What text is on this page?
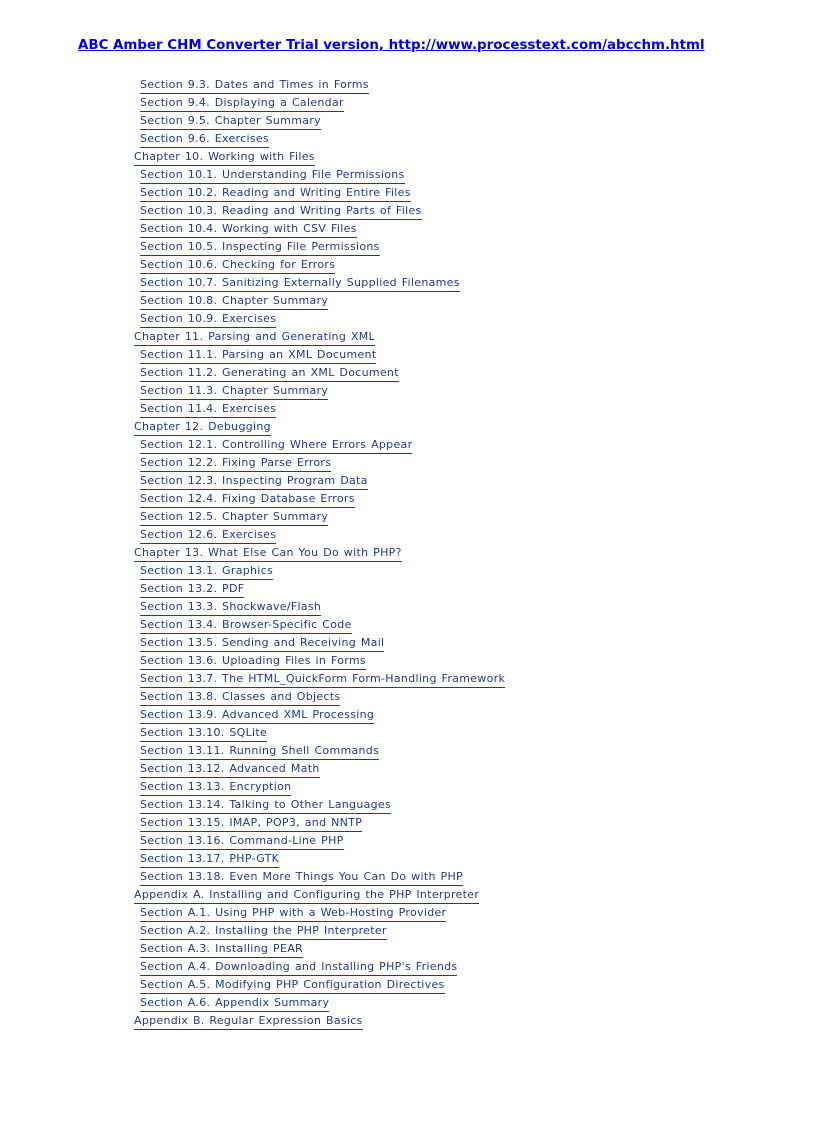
ABC Amber CHM Converter Trial version, http://www.processtext.com/abcchm.html
Section 9.3. Dates and Times in Forms
Section 9.4. Displaying a Calendar
Section 9.5. Chapter Summary
Section 9.6. Exercises
Chapter 10. Working with Files
Section 10.1. Understanding File Permissions
Section 10.2. Reading and Writing Entire Files
Section 10.3. Reading and Writing Parts of Files
Section 10.4. Working with CSV Files
Section 10.5. Inspecting File Permissions
Section 10.6. Checking for Errors
Section 10.7. Sanitizing Externally Supplied Filenames
Section 10.8. Chapter Summary
Section 10.9. Exercises
Chapter 11. Parsing and Generating XML
Section 11.1. Parsing an XML Document
Section 11.2. Generating an XML Document
Section 11.3. Chapter Summary
Section 11.4. Exercises
Chapter 12. Debugging
Section 12.1. Controlling Where Errors Appear
Section 12.2. Fixing Parse Errors
Section 12.3. Inspecting Program Data
Section 12.4. Fixing Database Errors
Section 12.5. Chapter Summary
Section 12.6. Exercises
Chapter 13. What Else Can You Do with PHP?
Section 13.1. Graphics
Section 13.2. PDF
Section 13.3. Shockwave/Flash
Section 13.4. Browser-Specific Code
Section 13.5. Sending and Receiving Mail
Section 13.6. Uploading Files in Forms
Section 13.7. The HTML_QuickForm Form-Handling Framework
Section 13.8. Classes and Objects
Section 13.9. Advanced XML Processing
Section 13.10. SQLite
Section 13.11. Running Shell Commands
Section 13.12. Advanced Math
Section 13.13. Encryption
Section 13.14. Talking to Other Languages
Section 13.15. IMAP, POP3, and NNTP
Section 13.16. Command-Line PHP
Section 13.17. PHP-GTK
Section 13.18. Even More Things You Can Do with PHP
Appendix A. Installing and Configuring the PHP Interpreter
Section A.1. Using PHP with a Web-Hosting Provider
Section A.2. Installing the PHP Interpreter
Section A.3. Installing PEAR
Section A.4. Downloading and Installing PHP's Friends
Section A.5. Modifying PHP Configuration Directives
Section A.6. Appendix Summary
Appendix B. Regular Expression Basics
